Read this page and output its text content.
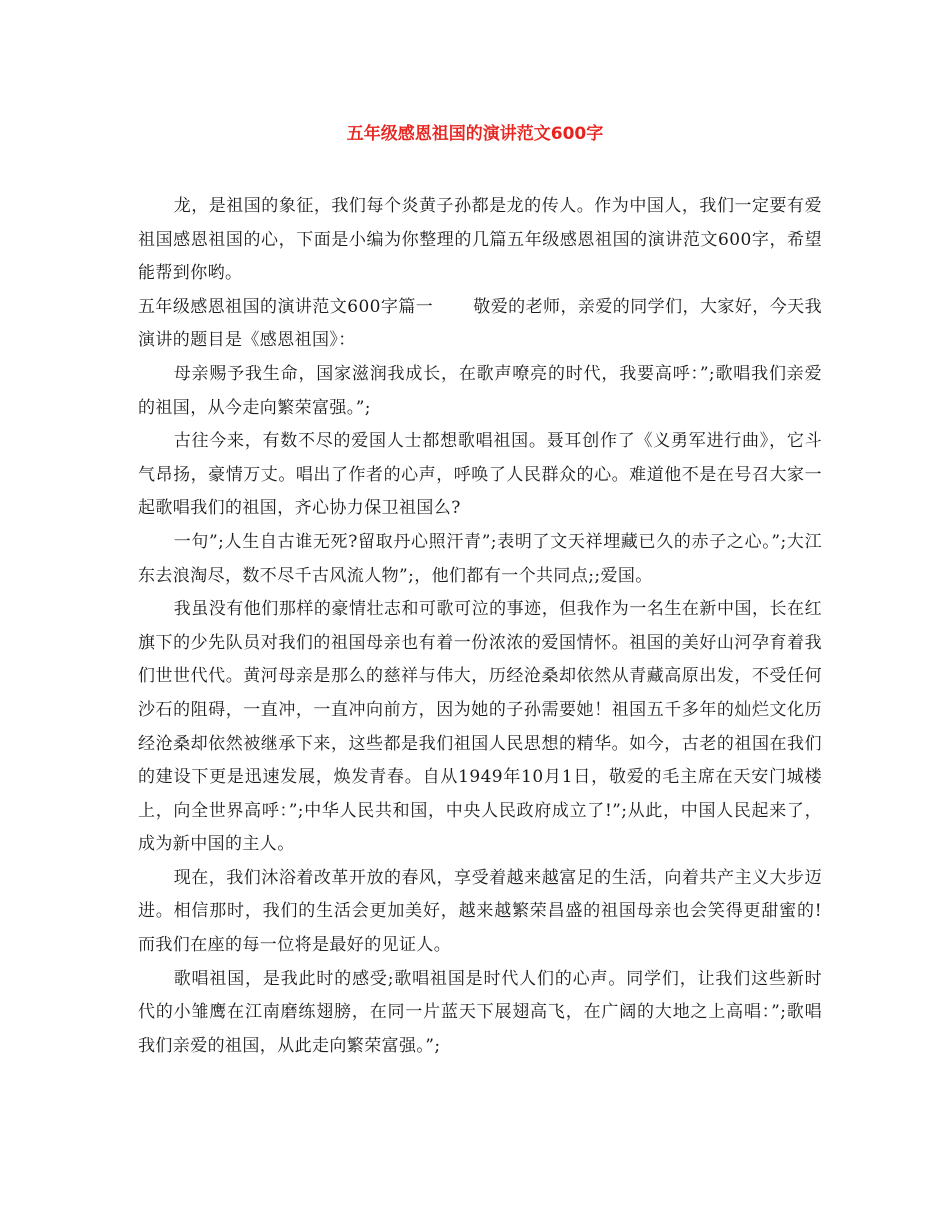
五年级感恩祖国的演讲范文600字

龙，是祖国的象征，我们每个炎黄子孙都是龙的传人。作为中国人，我们一定要有爱祖国感恩祖国的心，下面是小编为你整理的几篇五年级感恩祖国的演讲范文600字，希望能帮到你哟。

五年级感恩祖国的演讲范文600字篇一 敬爱的老师，亲爱的同学们，大家好，今天我演讲的题目是《感恩祖国》：

母亲赐予我生命，国家滋润我成长，在歌声嘹亮的时代，我要高呼：”;歌唱我们亲爱的祖国，从今走向繁荣富强。”;

古往今来，有数不尽的爱国人士都想歌唱祖国。聂耳创作了《义勇军进行曲》，它斗气昂扬，豪情万丈。唱出了作者的心声，呼唤了人民群众的心。难道他不是在号召大家一起歌唱我们的祖国，齐心协力保卫祖国么?

一句”;人生自古谁无死?留取丹心照汗青”;表明了文天祥埋藏已久的赤子之心。”;大江东去浪淘尽，数不尽千古风流人物”;，他们都有一个共同点;;爱国。

我虽没有他们那样的豪情壮志和可歌可泣的事迹，但我作为一名生在新中国，长在红旗下的少先队员对我们的祖国母亲也有着一份浓浓的爱国情怀。祖国的美好山河孕育着我们世世代代。黄河母亲是那么的慈祥与伟大，历经沧桑却依然从青藏高原出发，不受任何沙石的阻碍，一直冲，一直冲向前方，因为她的子孙需要她！祖国五千多年的灿烂文化历经沧桑却依然被继承下来，这些都是我们祖国人民思想的精华。如今，古老的祖国在我们的建设下更是迅速发展，焕发青春。自从1949年10月1日，敬爱的毛主席在天安门城楼上，向全世界高呼：”;中华人民共和国，中央人民政府成立了!”;从此，中国人民起来了，成为新中国的主人。

现在，我们沐浴着改革开放的春风，享受着越来越富足的生活，向着共产主义大步迈进。相信那时，我们的生活会更加美好，越来越繁荣昌盛的祖国母亲也会笑得更甜蜜的!而我们在座的每一位将是最好的见证人。

歌唱祖国，是我此时的感受;歌唱祖国是时代人们的心声。同学们，让我们这些新时代的小雏鹰在江南磨练翅膀，在同一片蓝天下展翅高飞，在广阔的大地之上高唱：”;歌唱我们亲爱的祖国，从此走向繁荣富强。”;
